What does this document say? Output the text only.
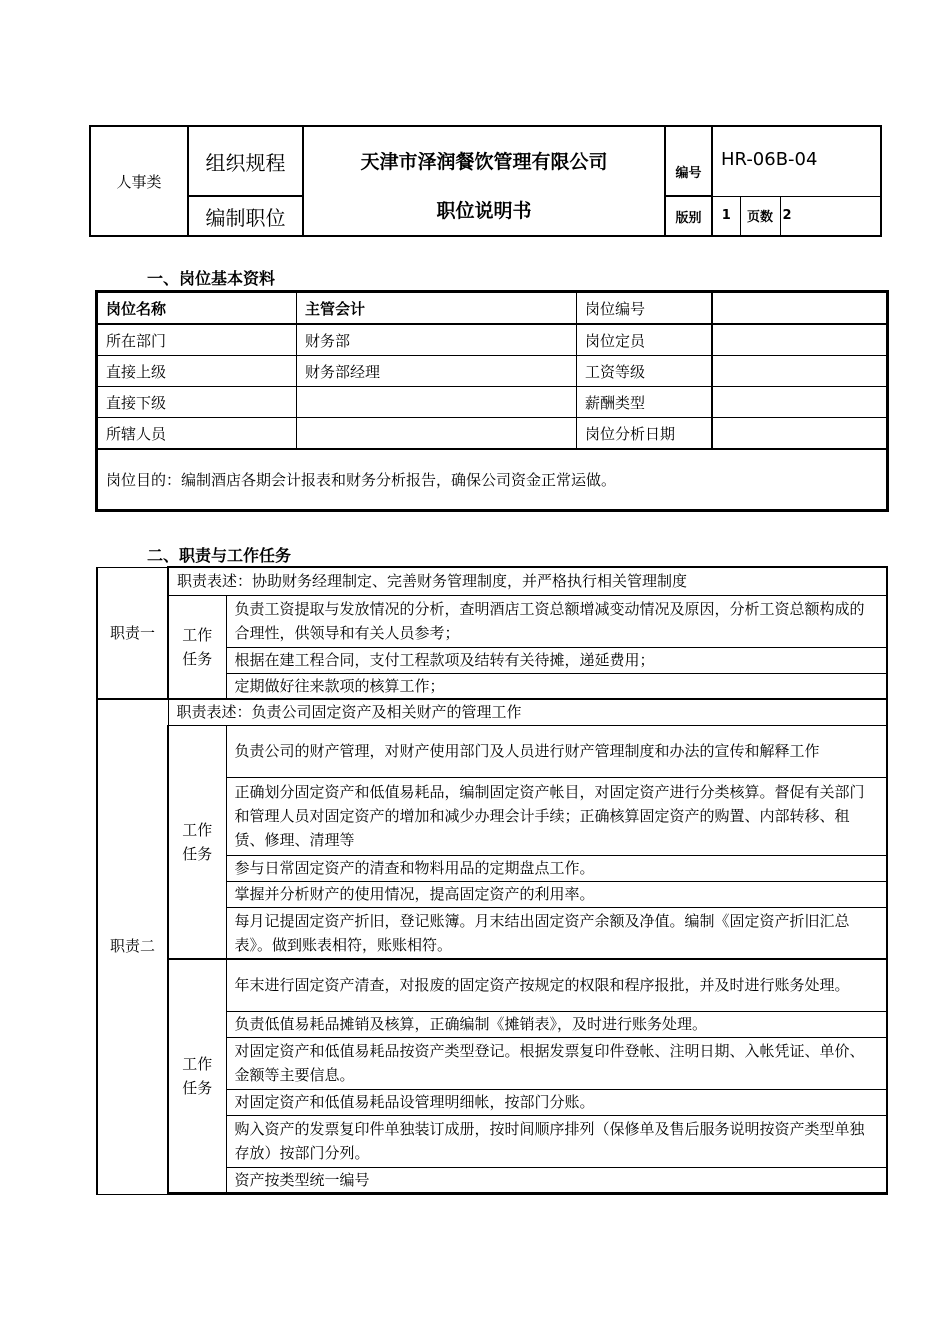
人事类	组织规程	天津市泽润餐饮管理有限公司	编号	HR-06B-04		
	编制职位	职位说明书	版别	1	页数	2
一、岗位基本资料
岗位名称	主管会计	岗位编号	
所在部门	财务部	岗位定员	
直接上级	财务部经理	工资等级	
直接下级		薪酬类型	
所辖人员		岗位分析日期	
岗位目的：编制酒店各期会计报表和财务分析报告，确保公司资金正常运做。			
二、职责与工作任务
职责一	职责表述：协助财务经理制定、完善财务管理制度，并严格执行相关管理制度	
	工作
任务	负责工资提取与发放情况的分析，查明酒店工资总额增减变动情况及原因，分析工资总额构成的合理性，供领导和有关人员参考；
		根据在建工程合同，支付工程款项及结转有关待摊，递延费用；
		定期做好往来款项的核算工作；
职责二	职责表述：负责公司固定资产及相关财产的管理工作	
	工作
任务	负责公司的财产管理，对财产使用部门及人员进行财产管理制度和办法的宣传和解释工作
		正确划分固定资产和低值易耗品，编制固定资产帐目，对固定资产进行分类核算。督促有关部门和管理人员对固定资产的增加和减少办理会计手续；正确核算固定资产的购置、内部转移、租赁、修理、清理等
		参与日常固定资产的清查和物料用品的定期盘点工作。
		掌握并分析财产的使用情况，提高固定资产的利用率。
		每月记提固定资产折旧，登记账簿。月末结出固定资产余额及净值。编制《固定资产折旧汇总表》。做到账表相符，账账相符。
	工作
任务	年末进行固定资产清查，对报废的固定资产按规定的权限和程序报批，并及时进行账务处理。
		负责低值易耗品摊销及核算，正确编制《摊销表》，及时进行账务处理。
		对固定资产和低值易耗品按资产类型登记。根据发票复印件登帐、注明日期、入帐凭证、单价、金额等主要信息。
		对固定资产和低值易耗品设管理明细帐，按部门分账。
		购入资产的发票复印件单独装订成册，按时间顺序排列（保修单及售后服务说明按资产类型单独存放）按部门分列。
		资产按类型统一编号
